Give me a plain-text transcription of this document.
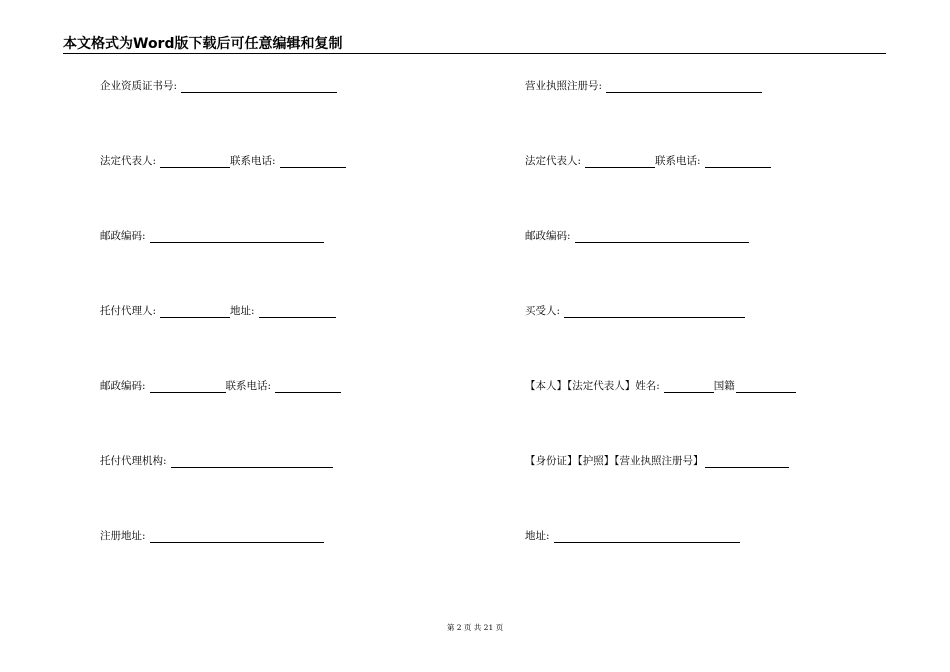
本文格式为Word版下载后可任意编辑和复制
企业资质证书号:
法定代表人:	联系电话:
邮政编码:
托付代理人:	地址:
邮政编码:	联系电话:
托付代理机构:
注册地址:
营业执照注册号:
法定代表人:	联系电话:
邮政编码:
买受人:
【本人】【法定代表人】姓名:	国籍
【身份证】【护照】【营业执照注册号】
地址:
第 2 页 共 21 页
